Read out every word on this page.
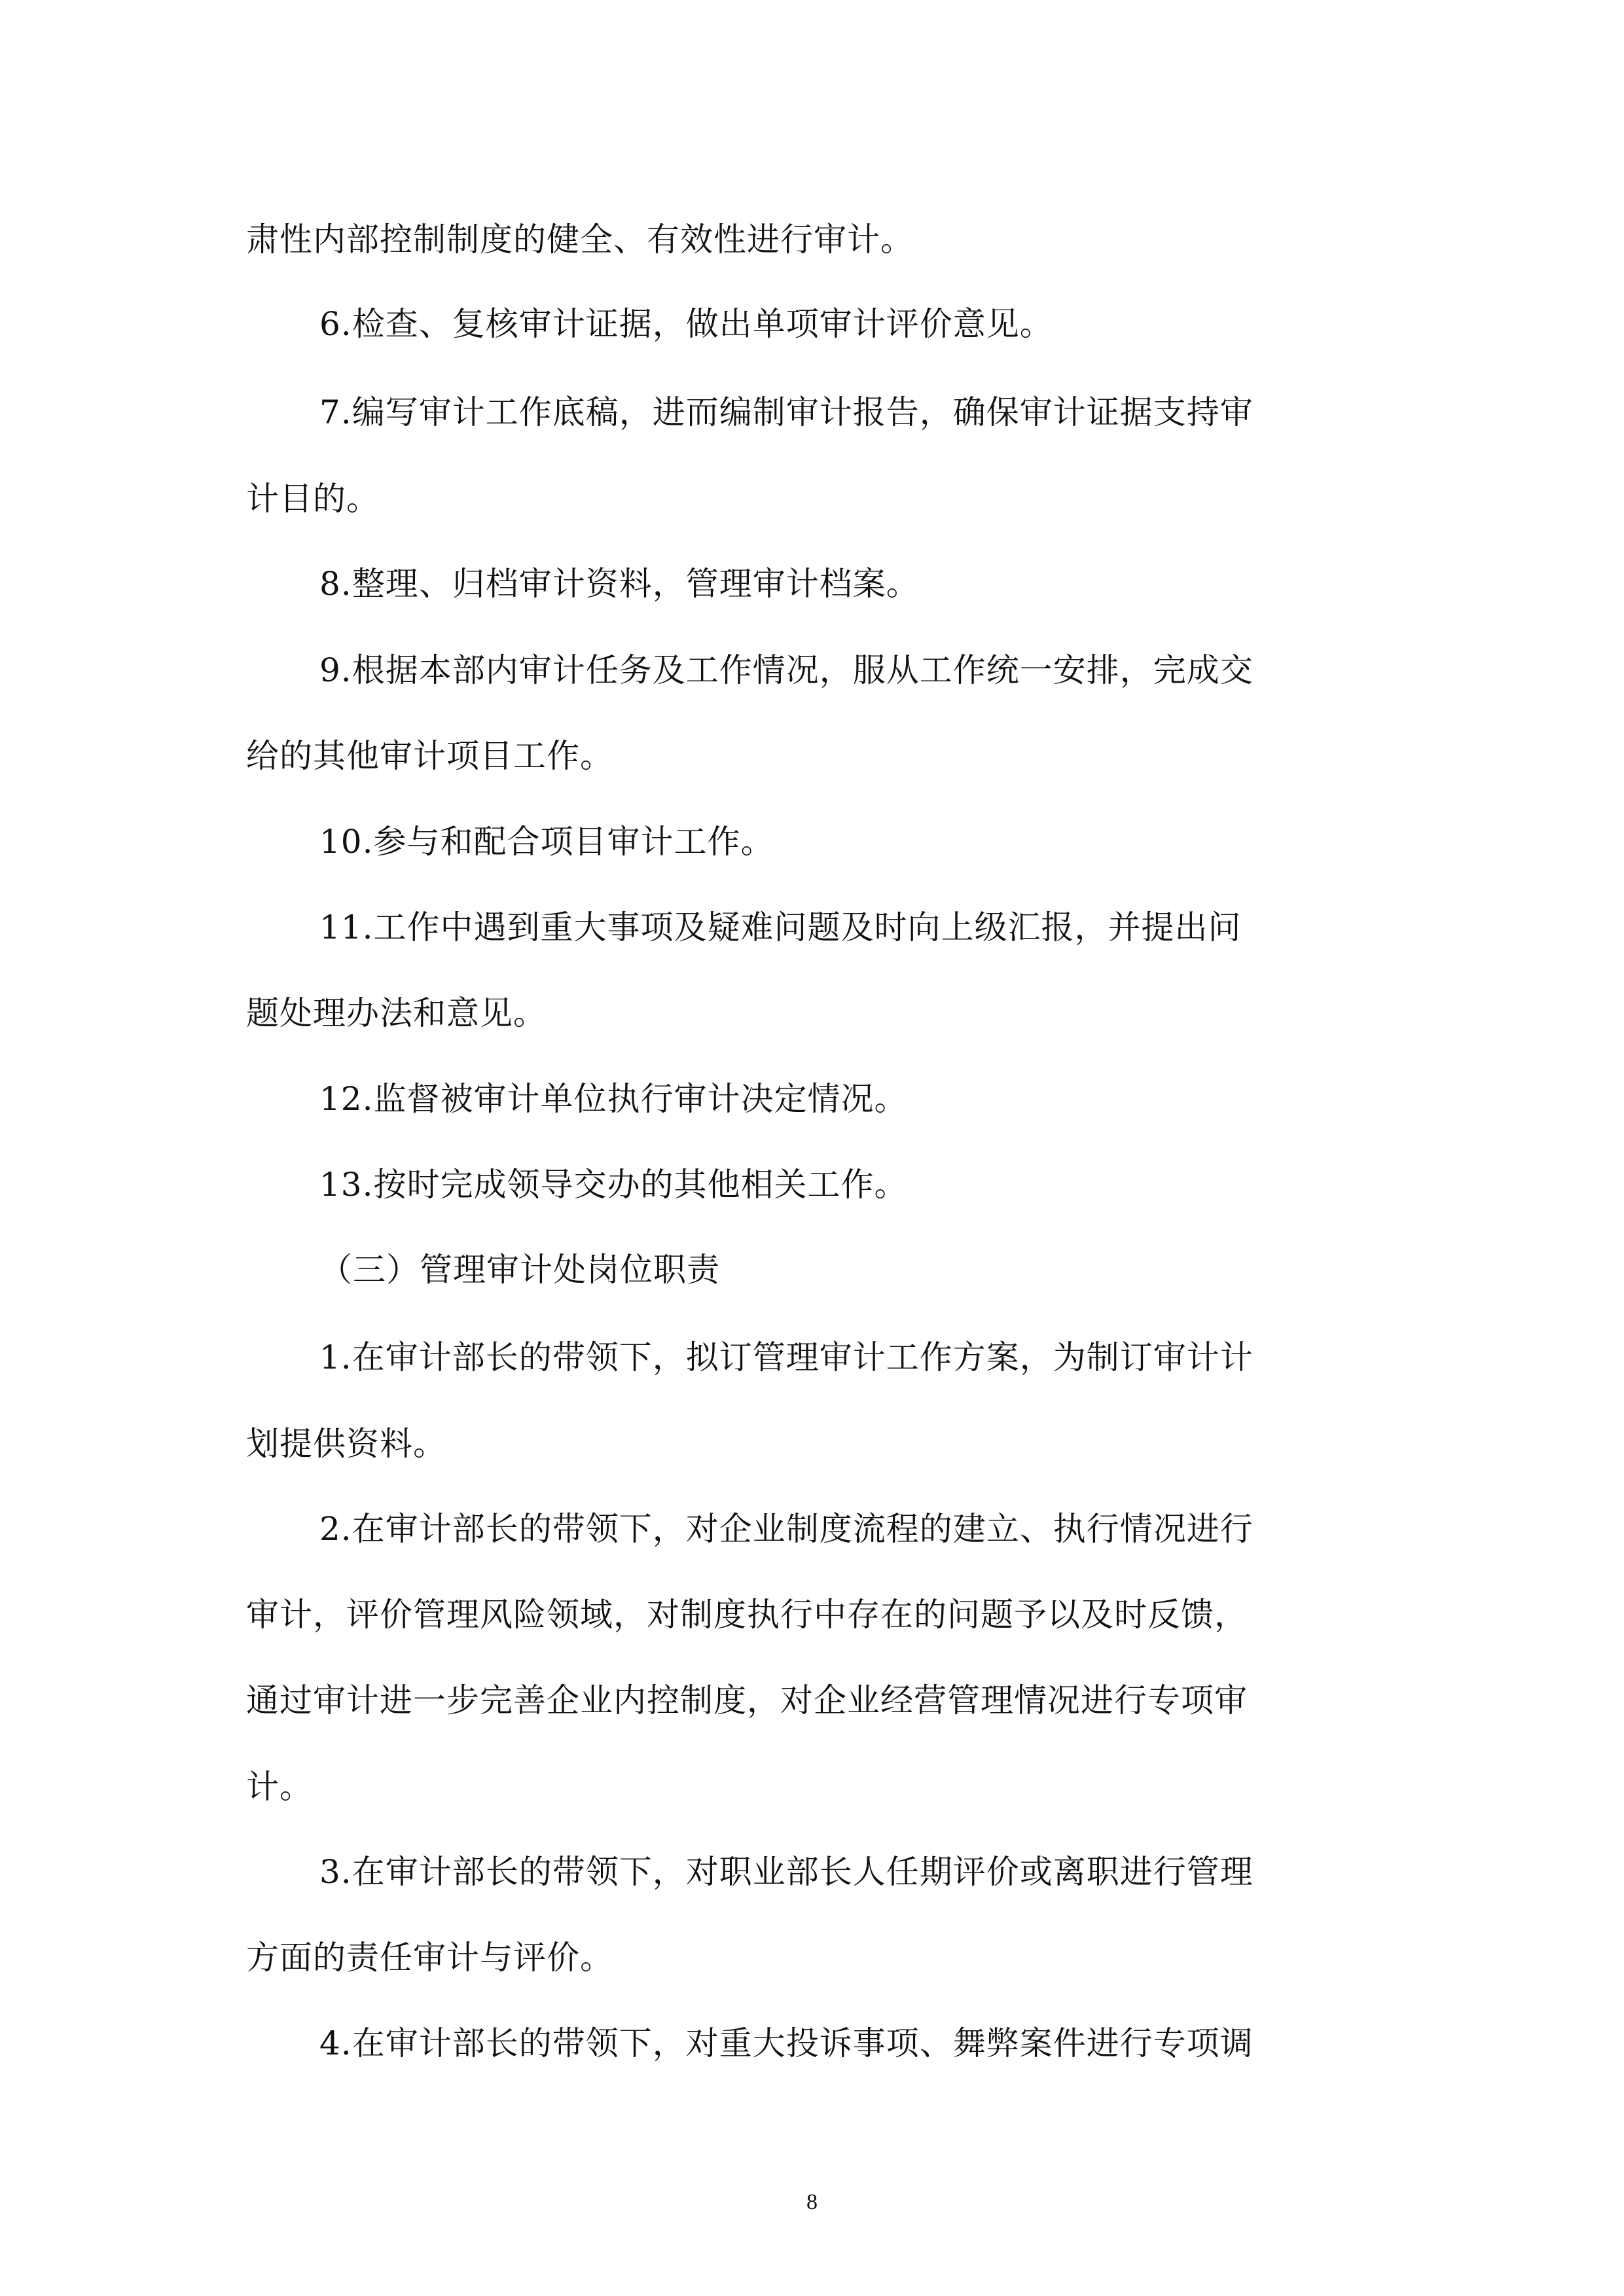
肃性内部控制制度的健全、有效性进行审计。
6.检查、复核审计证据，做出单项审计评价意见。
7.编写审计工作底稿，进而编制审计报告，确保审计证据支持审
计目的。
8.整理、归档审计资料，管理审计档案。
9.根据本部内审计任务及工作情况，服从工作统一安排，完成交
给的其他审计项目工作。
10.参与和配合项目审计工作。
11.工作中遇到重大事项及疑难问题及时向上级汇报，并提出问
题处理办法和意见。
12.监督被审计单位执行审计决定情况。
13.按时完成领导交办的其他相关工作。
（三）管理审计处岗位职责
1.在审计部长的带领下，拟订管理审计工作方案，为制订审计计
划提供资料。
2.在审计部长的带领下，对企业制度流程的建立、执行情况进行
审计，评价管理风险领域，对制度执行中存在的问题予以及时反馈，
通过审计进一步完善企业内控制度，对企业经营管理情况进行专项审
计。
3.在审计部长的带领下，对职业部长人任期评价或离职进行管理
方面的责任审计与评价。
4.在审计部长的带领下，对重大投诉事项、舞弊案件进行专项调
8
